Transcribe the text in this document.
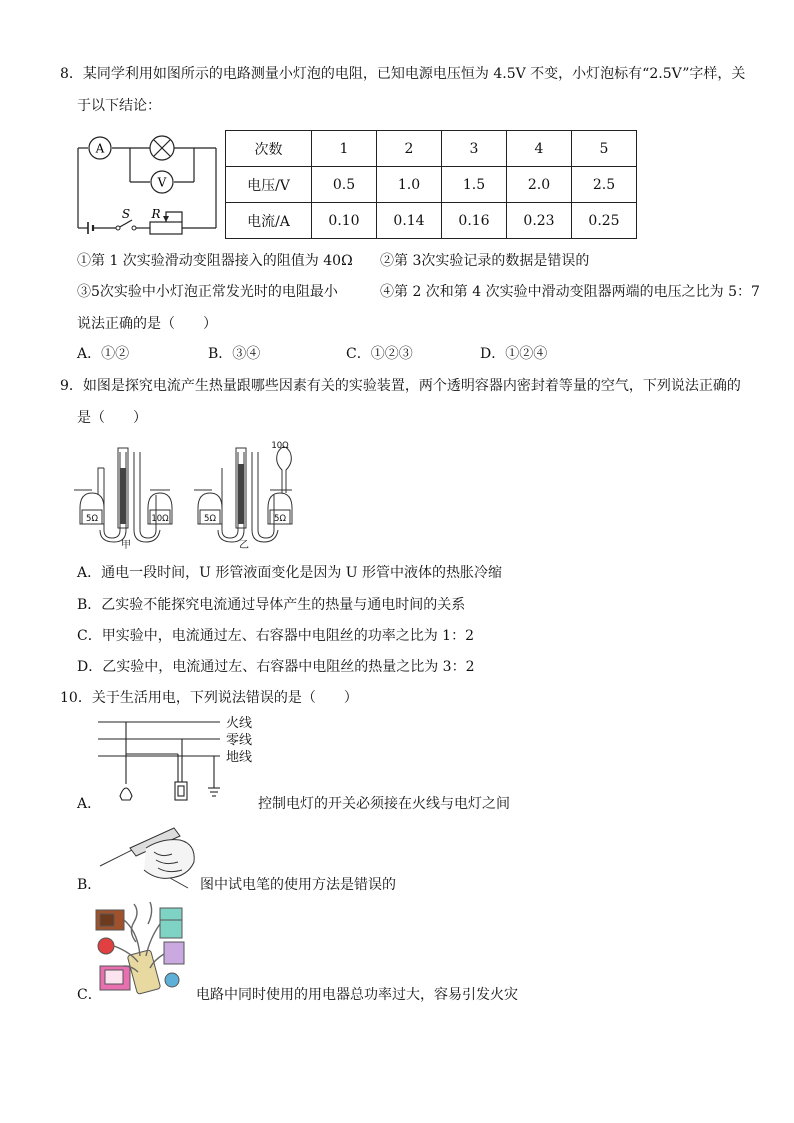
8．某同学利用如图所示的电路测量小灯泡的电阻，已知电源电压恒为 4.5V 不变，小灯泡标有“2.5V”字样，关
于以下结论：
A
V
S R
次数	1	2	3	4	5
电压/V	0.5	1.0	1.5	2.0	2.5
电流/A	0.10	0.14	0.16	0.23	0.25
①第 1 次实验滑动变阻器接入的阻值为 40Ω ②第 3次实验记录的数据是错误的
③5次实验中小灯泡正常发光时的电阻最小	④第 2 次和第 4 次实验中滑动变阻器两端的电压之比为 5：7
说法正确的是（　　）
A．①②	B．③④	C．①②③	D．①②④
9．如图是探究电流产生热量跟哪些因素有关的实验装置，两个透明容器内密封着等量的空气，下列说法正确的
是（　　）
5Ω	10Ω	5Ω	5Ω
10Ω
甲	乙
A．通电一段时间，U 形管液面变化是因为 U 形管中液体的热胀冷缩
B．乙实验不能探究电流通过导体产生的热量与通电时间的关系
C．甲实验中，电流通过左、右容器中电阻丝的功率之比为 1：2
D．乙实验中，电流通过左、右容器中电阻丝的热量之比为 3：2
10．关于生活用电，下列说法错误的是（　　）
火线
零线
地线
A．	控制电灯的开关必须接在火线与电灯之间
B．	图中试电笔的使用方法是错误的
C．	电路中同时使用的用电器总功率过大，容易引发火灾
